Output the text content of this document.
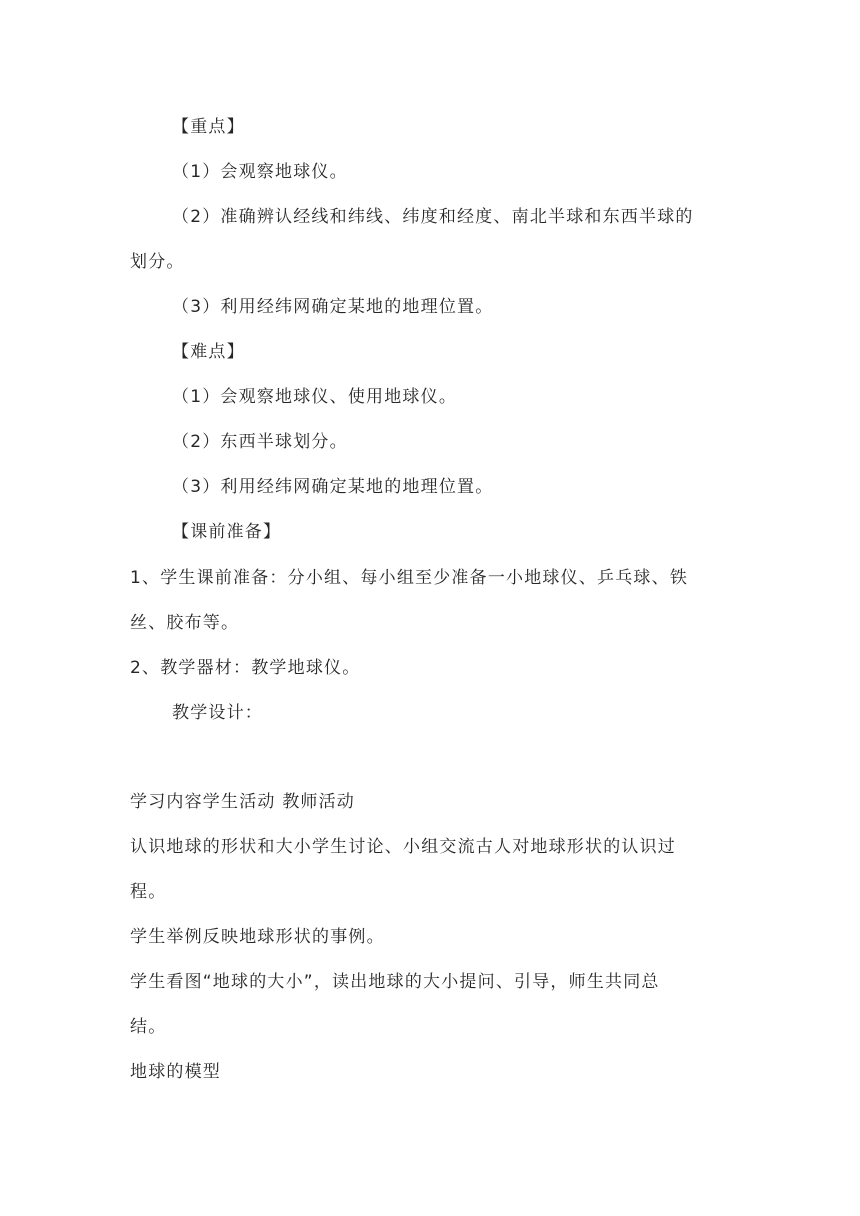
【重点】
（1）会观察地球仪。
（2）准确辨认经线和纬线、纬度和经度、南北半球和东西半球的
划分。
（3）利用经纬网确定某地的地理位置。
【难点】
（1）会观察地球仪、使用地球仪。
（2）东西半球划分。
（3）利用经纬网确定某地的地理位置。
【课前准备】
1、学生课前准备：分小组、每小组至少准备一小地球仪、乒乓球、铁
丝、胶布等。
2、教学器材：教学地球仪。
教学设计：
学习内容学生活动 教师活动
认识地球的形状和大小学生讨论、小组交流古人对地球形状的认识过
程。
学生举例反映地球形状的事例。
学生看图“地球的大小”，读出地球的大小提问、引导，师生共同总
结。
地球的模型
